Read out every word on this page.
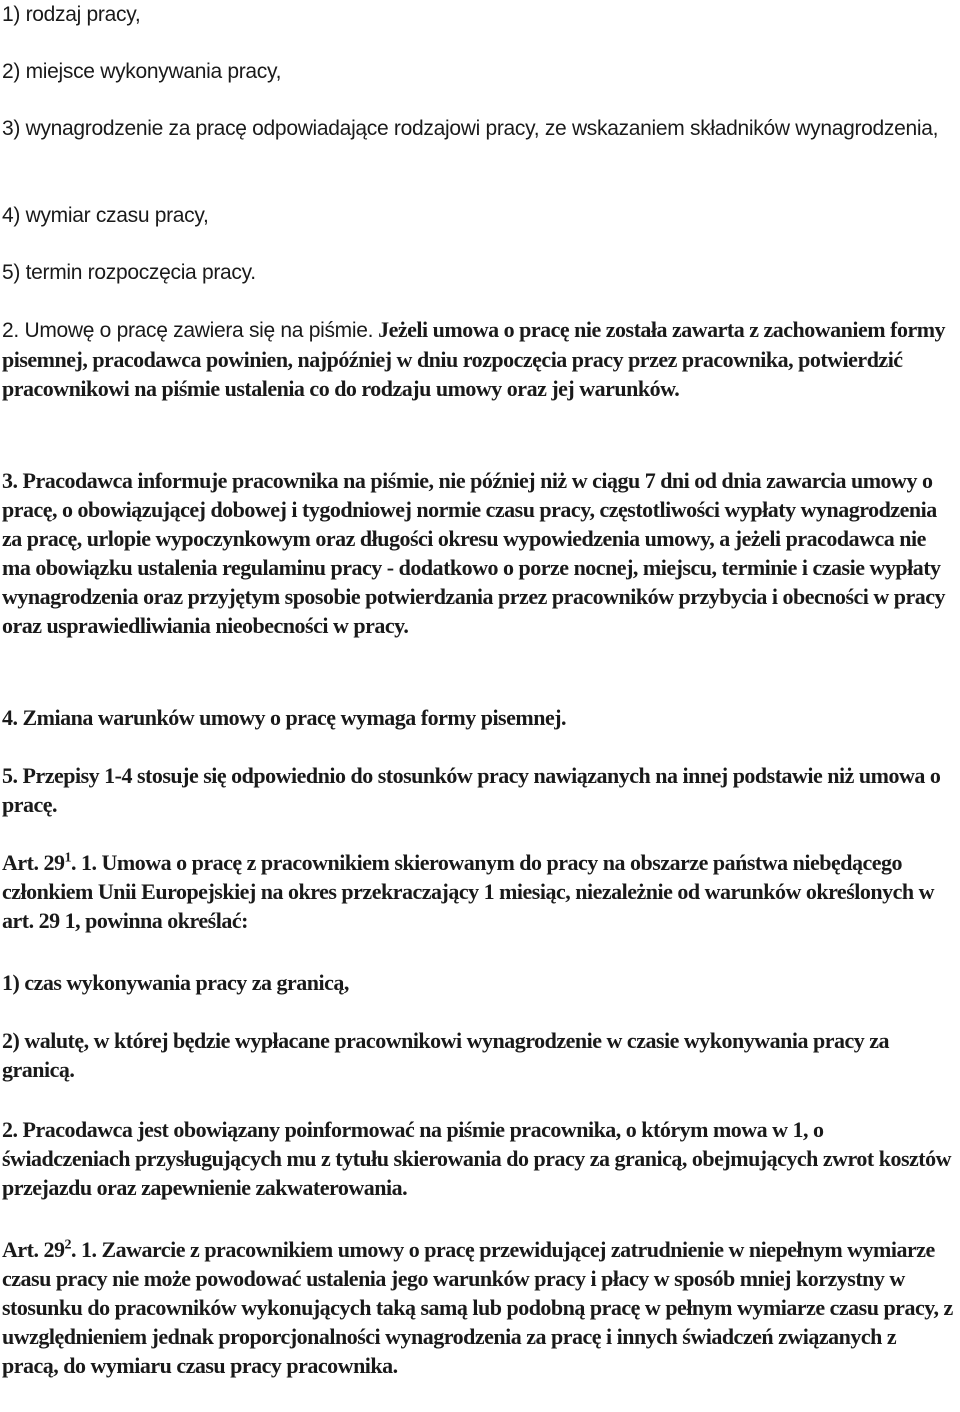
1) rodzaj pracy,

2) miejsce wykonywania pracy,

3) wynagrodzenie za pracę odpowiadające rodzajowi pracy, ze wskazaniem składników wynagrodzenia,

4) wymiar czasu pracy,

5) termin rozpoczęcia pracy.

2. Umowę o pracę zawiera się na piśmie. Jeżeli umowa o pracę nie została zawarta z zachowaniem formy pisemnej, pracodawca powinien, najpóźniej w dniu rozpoczęcia pracy przez pracownika, potwierdzić pracownikowi na piśmie ustalenia co do rodzaju umowy oraz jej warunków.

3. Pracodawca informuje pracownika na piśmie, nie później niż w ciągu 7 dni od dnia zawarcia umowy o pracę, o obowiązującej dobowej i tygodniowej normie czasu pracy, częstotliwości wypłaty wynagrodzenia za pracę, urlopie wypoczynkowym oraz długości okresu wypowiedzenia umowy, a jeżeli pracodawca nie ma obowiązku ustalenia regulaminu pracy - dodatkowo o porze nocnej, miejscu, terminie i czasie wypłaty wynagrodzenia oraz przyjętym sposobie potwierdzania przez pracowników przybycia i obecności w pracy oraz usprawiedliwiania nieobecności w pracy.

4. Zmiana warunków umowy o pracę wymaga formy pisemnej.

5. Przepisy 1-4 stosuje się odpowiednio do stosunków pracy nawiązanych na innej podstawie niż umowa o pracę.

Art. $29^1$. 1. Umowa o pracę z pracownikiem skierowanym do pracy na obszarze państwa niebędącego członkiem Unii Europejskiej na okres przekraczający 1 miesiąc, niezależnie od warunków określonych w art. 29 1, powinna określać:

1) czas wykonywania pracy za granicą,

2) walutę, w której będzie wypłacane pracownikowi wynagrodzenie w czasie wykonywania pracy za granicą.

2. Pracodawca jest obowiązany poinformować na piśmie pracownika, o którym mowa w 1, o świadczeniach przysługujących mu z tytułu skierowania do pracy za granicą, obejmujących zwrot kosztów przejazdu oraz zapewnienie zakwaterowania.

Art. $29^2$. 1. Zawarcie z pracownikiem umowy o pracę przewidującej zatrudnienie w niepełnym wymiarze czasu pracy nie może powodować ustalenia jego warunków pracy i płacy w sposób mniej korzystny w stosunku do pracowników wykonujących taką samą lub podobną pracę w pełnym wymiarze czasu pracy, z uwzględnieniem jednak proporcjonalności wynagrodzenia za pracę i innych świadczeń związanych z pracą, do wymiaru czasu pracy pracownika.
